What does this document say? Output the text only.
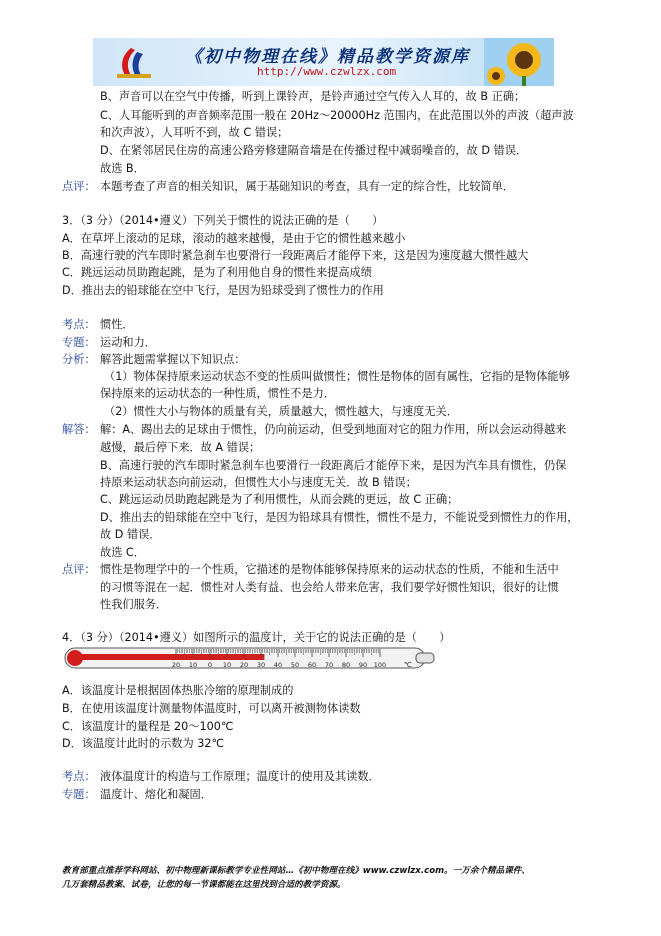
《初中物理在线》精品教学资源库
http://www.czwlzx.com
B、声音可以在空气中传播，听到上课铃声，是铃声通过空气传入人耳的，故 B 正确；
C、人耳能听到的声音频率范围一般在 20Hz～20000Hz 范围内，在此范围以外的声波（超声波
和次声波），人耳听不到，故 C 错误；
D、在紧邻居民住房的高速公路旁修建隔音墙是在传播过程中减弱噪音的，故 D 错误．
故选 B．
点评： 本题考查了声音的相关知识，属于基础知识的考查，具有一定的综合性，比较简单．
3．（3 分）（2014•遵义）下列关于惯性的说法正确的是（　　）
A．在草坪上滚动的足球，滚动的越来越慢，是由于它的惯性越来越小
B．高速行驶的汽车即时紧急刹车也要滑行一段距离后才能停下来，这是因为速度越大惯性越大
C．跳远运动员助跑起跳，是为了利用他自身的惯性来提高成绩
D．推出去的铅球能在空中飞行，是因为铅球受到了惯性力的作用
考点： 惯性．
专题： 运动和力．
分析： 解答此题需掌握以下知识点：
（1）物体保持原来运动状态不变的性质叫做惯性；惯性是物体的固有属性，它指的是物体能够
保持原来的运动状态的一种性质，惯性不是力．
（2）惯性大小与物体的质量有关，质量越大，惯性越大，与速度无关．
解答： 解：A、踢出去的足球由于惯性，仍向前运动，但受到地面对它的阻力作用，所以会运动得越来
越慢，最后停下来．故 A 错误；
B、高速行驶的汽车即时紧急刹车也要滑行一段距离后才能停下来，是因为汽车具有惯性，仍保
持原来运动状态向前运动，但惯性大小与速度无关．故 B 错误；
C、跳远运动员助跑起跳是为了利用惯性，从而会跳的更远，故 C 正确；
D、推出去的铅球能在空中飞行，是因为铅球具有惯性，惯性不是力，不能说受到惯性力的作用，
故 D 错误．
故选 C．
点评： 惯性是物理学中的一个性质，它描述的是物体能够保持原来的运动状态的性质，不能和生活中
的习惯等混在一起．惯性对人类有益、也会给人带来危害，我们要学好惯性知识，很好的让惯
性我们服务．
4．（3 分）（2014•遵义）如图所示的温度计，关于它的说法正确的是（　　）
20 10 0 10 20 30 40 50 60 70 80 90 100	℃
A．该温度计是根据固体热胀冷缩的原理制成的
B．在使用该温度计测量物体温度时，可以离开被测物体读数
C．该温度计的量程是 20～100℃
D．该温度计此时的示数为 32℃
考点： 液体温度计的构造与工作原理；温度计的使用及其读数．
专题： 温度计、熔化和凝固．
教育部重点推荐学科网站、初中物理新课标教学专业性网站…《初中物理在线》www.czwlzx.com。一万余个精品课件、
几万套精品教案、试卷，让您的每一节课都能在这里找到合适的教学资源。
